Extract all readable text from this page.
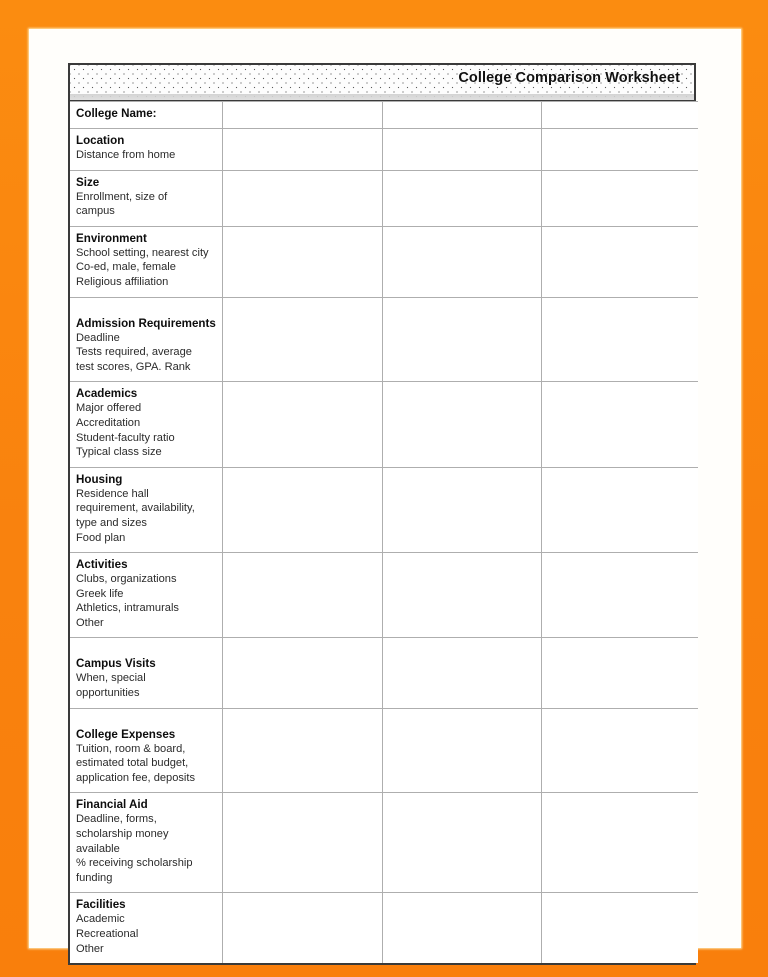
College Comparison Worksheet
College Name:			

Location
Distance from home			

Size
Enrollment, size of
campus			

Environment
School setting, nearest city
Co-ed, male, female
Religious affiliation			

Admission Requirements
Deadline
Tests required, average
test scores, GPA. Rank			

Academics
Major offered
Accreditation
Student-faculty ratio
Typical class size			

Housing
Residence hall
requirement, availability,
type and sizes
Food plan			

Activities
Clubs, organizations
Greek life
Athletics, intramurals
Other			

Campus Visits
When, special
opportunities			

College Expenses
Tuition, room & board,
estimated total budget,
application fee, deposits			

Financial Aid
Deadline, forms,
scholarship money
available
% receiving scholarship
funding

Facilities
Academic
Recreational
Other			
